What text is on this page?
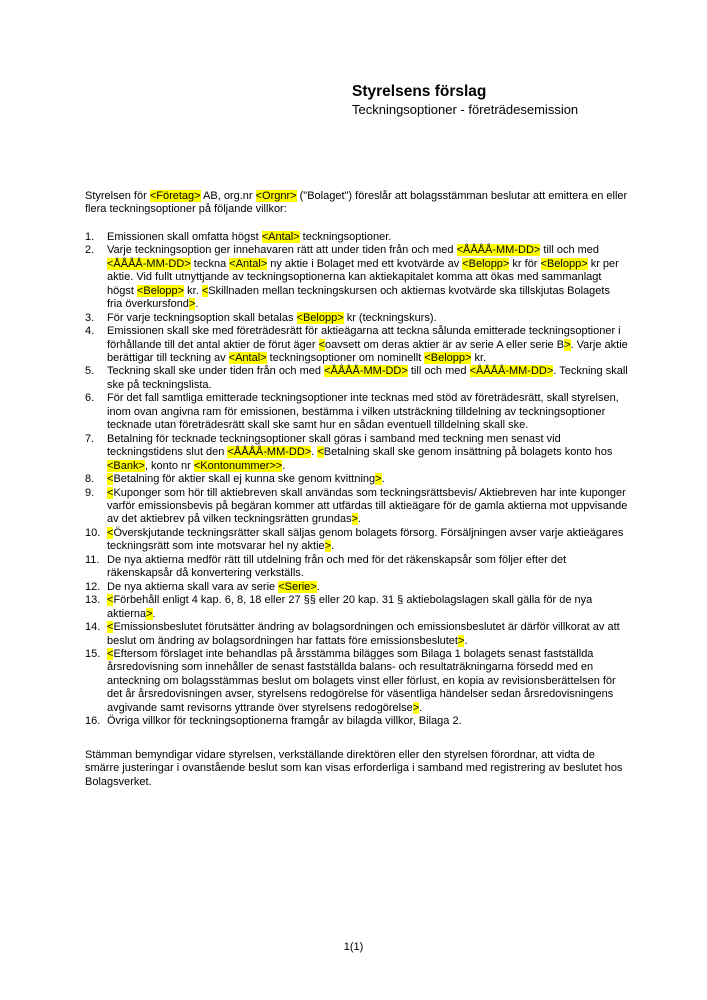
Styrelsens förslag
Teckningsoptioner - företrädesemission

Styrelsen för <Företag> AB, org.nr <Orgnr> ("Bolaget") föreslår att bolagsstämman beslutar att emittera en eller flera teckningsoptioner på följande villkor:

1.	Emissionen skall omfatta högst <Antal> teckningsoptioner.
2.	Varje teckningsoption ger innehavaren rätt att under tiden från och med <ÅÅÅÅ-MM-DD> till och med <ÅÅÅÅ-MM-DD> teckna <Antal> ny aktie i Bolaget med ett kvotvärde av <Belopp> kr för <Belopp> kr per aktie. Vid fullt utnyttjande av teckningsoptionerna kan aktiekapitalet komma att ökas med sammanlagt högst <Belopp> kr. <Skillnaden mellan teckningskursen och aktiernas kvotvärde ska tillskjutas Bolagets fria överkursfond>.
3.	För varje teckningsoption skall betalas <Belopp> kr (teckningskurs).
4.	Emissionen skall ske med företrädesrätt för aktieägarna att teckna sålunda emitterade teckningsoptioner i förhållande till det antal aktier de förut äger <oavsett om deras aktier är av serie A eller serie B>. Varje aktie berättigar till teckning av <Antal> teckningsoptioner om nominellt <Belopp> kr.
5.	Teckning skall ske under tiden från och med <ÅÅÅÅ-MM-DD> till och med <ÅÅÅÅ-MM-DD>. Teckning skall ske på teckningslista.
6.	För det fall samtliga emitterade teckningsoptioner inte tecknas med stöd av företrädesrätt, skall styrelsen, inom ovan angivna ram för emissionen, bestämma i vilken utsträckning tilldelning av teckningsoptioner tecknade utan företrädesrätt skall ske samt hur en sådan eventuell tilldelning skall ske.
7.	Betalning för tecknade teckningsoptioner skall göras i samband med teckning men senast vid teckningstidens slut den <ÅÅÅÅ-MM-DD>. <Betalning skall ske genom insättning på bolagets konto hos <Bank>, konto nr <Kontonummer>>.
8.	<Betalning för aktier skall ej kunna ske genom kvittning>.
9.	<Kuponger som hör till aktiebreven skall användas som teckningsrättsbevis/ Aktiebreven har inte kuponger varför emissionsbevis på begäran kommer att utfärdas till aktieägare för de gamla aktierna mot uppvisande av det aktiebrev på vilken teckningsrätten grundas>.
10. <Överskjutande teckningsrätter skall säljas genom bolagets försorg. Försäljningen avser varje aktieägares teckningsrätt som inte motsvarar hel ny aktie>.
11. De nya aktierna medför rätt till utdelning från och med för det räkenskapsår som följer efter det räkenskapsår då konvertering verkställs.
12. De nya aktierna skall vara av serie <Serie>.
13. <Förbehåll enligt 4 kap. 6, 8, 18 eller 27 §§ eller 20 kap. 31 § aktiebolagslagen skall gälla för de nya aktierna>.
14. <Emissionsbeslutet förutsätter ändring av bolagsordningen och emissionsbeslutet är därför villkorat av att beslut om ändring av bolagsordningen har fattats före emissionsbeslutet>.
15. <Eftersom förslaget inte behandlas på årsstämma bilägges som Bilaga 1 bolagets senast fastställda årsredovisning som innehåller de senast fastställda balans- och resultaträkningarna försedd med en anteckning om bolagsstämmas beslut om bolagets vinst eller förlust, en kopia av revisionsberättelsen för det år årsredovisningen avser, styrelsens redogörelse för väsentliga händelser sedan årsredovisningens avgivande samt revisorns yttrande över styrelsens redogörelse>.
16. Övriga villkor för teckningsoptionerna framgår av bilagda villkor, Bilaga 2.

Stämman bemyndigar vidare styrelsen, verkställande direktören eller den styrelsen förordnar, att vidta de smärre justeringar i ovanstående beslut som kan visas erforderliga i samband med registrering av beslutet hos Bolagsverket.

1(1)
